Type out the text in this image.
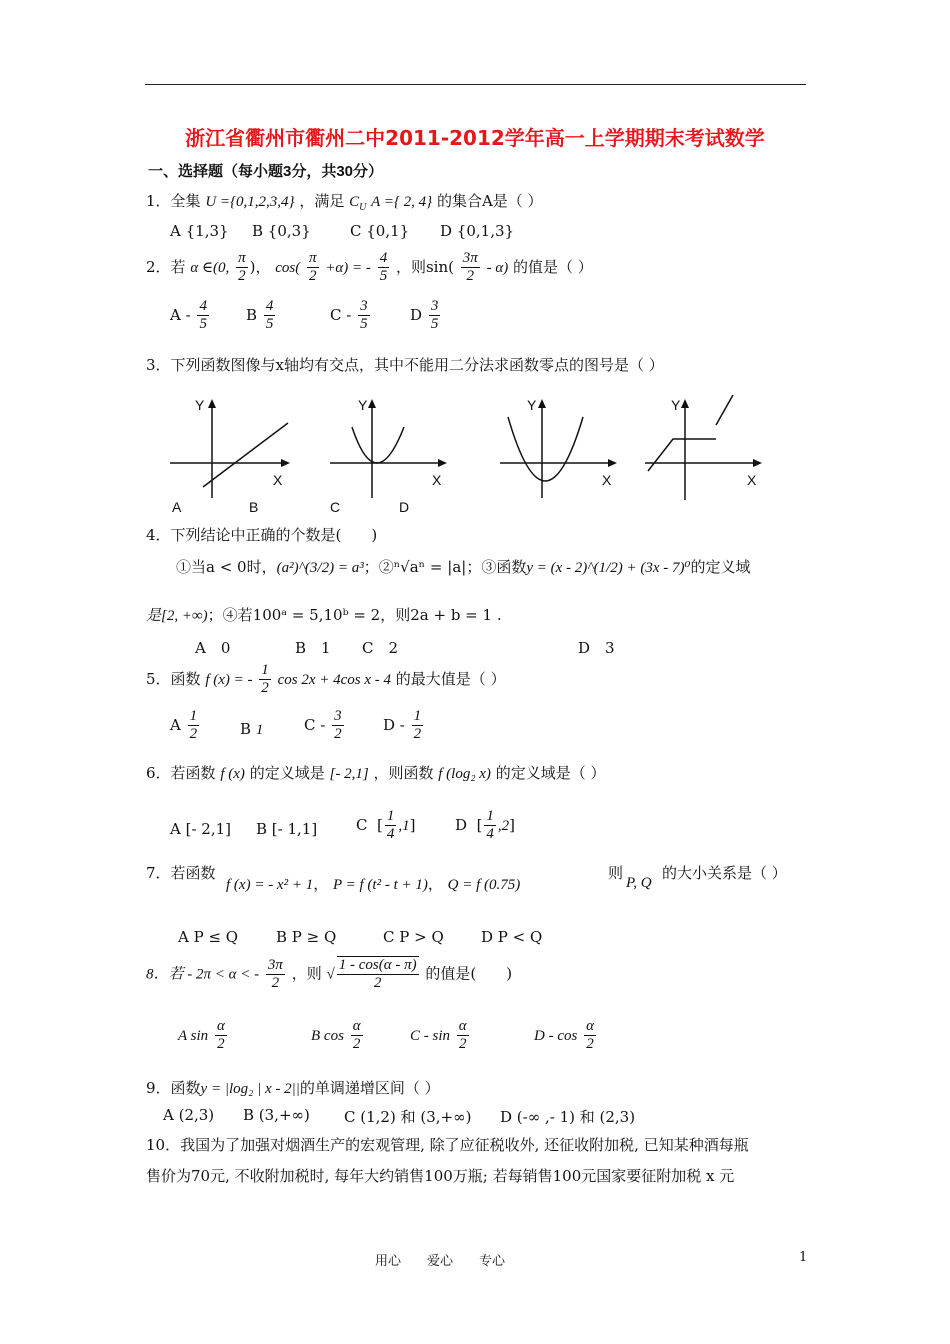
浙江省衢州市衢州二中2011-2012学年高一上学期期末考试数学
一、选择题（每小题3分，共30分）
1．全集 U ={0,1,2,3,4} ，满足 $C_U$ A ={ 2, 4} 的集合A是（ ）
A {1,3} B {0,3}	C {0,1} D {0,1,3}
2．若 α ∈(0, $\frac{\pi}{2}$ )， $\cos( \frac{\pi}{2} +\alpha)$ = - $\frac{4}{5}$ ，则$\sin( \frac{3\pi}{2} - \alpha)$ 的值是（ ）
A - $\frac{4}{5}$ B $\frac{4}{5}$	C - $\frac{3}{5}$	D $\frac{3}{5}$
3．下列函数图像与x轴均有交点，其中不能用二分法求函数零点的图号是（ ）
Y
X
Y
X
Y
X
Y
X
A	B	C	D
4．下列结论中正确的个数是(　　)
①当a < 0时，(a²)^(3/2) = a³；②ⁿ√aⁿ = |a|；③函数y = (x - 2)^(1/2) + (3x - 7)⁰的定义域
是[2, +∞)；④若100ᵃ = 5,10ᵇ = 2，则2a + b = 1 .
A　0	B　1 C　2	D　3
5．函数 f (x) = - $\frac{1}{2}$ cos 2x + 4cos x - 4 的最大值是（ ）
A $\frac{1}{2}$	B 1	C - $\frac{3}{2}$	D - $\frac{1}{2}$
6．若函数 f (x) 的定义域是 [- 2,1] ，则函数 f (log₂ x) 的定义域是（ ）
A [- 2,1] B [- 1,1]	C  [ $\frac{1}{4} ,1$]	D  [ $\frac{1}{4} ,2$]
7．若函数
f (x) = - x² + 1， P = f (t² - t + 1)， Q = f (0.75)
则
P, Q
的大小关系是（ ）
A P ≤ Q	B P ≥ Q	C P > Q D P < Q
8．若 - 2π < α < - $\frac{3\pi}{2}$ ，则 √ $\frac{1 - \cos(\alpha - \pi)}{2}$ 的值是(　　)
A $\sin \frac{\alpha}{2}$	B $\cos \frac{\alpha}{2}$	C - $\sin \frac{\alpha}{2}$	D - $\cos \frac{\alpha}{2}$
9．函数y = |log₂ | x - 2||的单调递增区间（ ）
A (2,3) B (3,+∞) C (1,2) 和 (3,+∞) D (-∞ ,- 1) 和 (2,3)
10．我国为了加强对烟酒生产的宏观管理, 除了应征税收外, 还征收附加税, 已知某种酒每瓶
售价为70元, 不收附加税时, 每年大约销售100万瓶; 若每销售100元国家要征附加税 x 元
用心　　爱心　　专心	1
